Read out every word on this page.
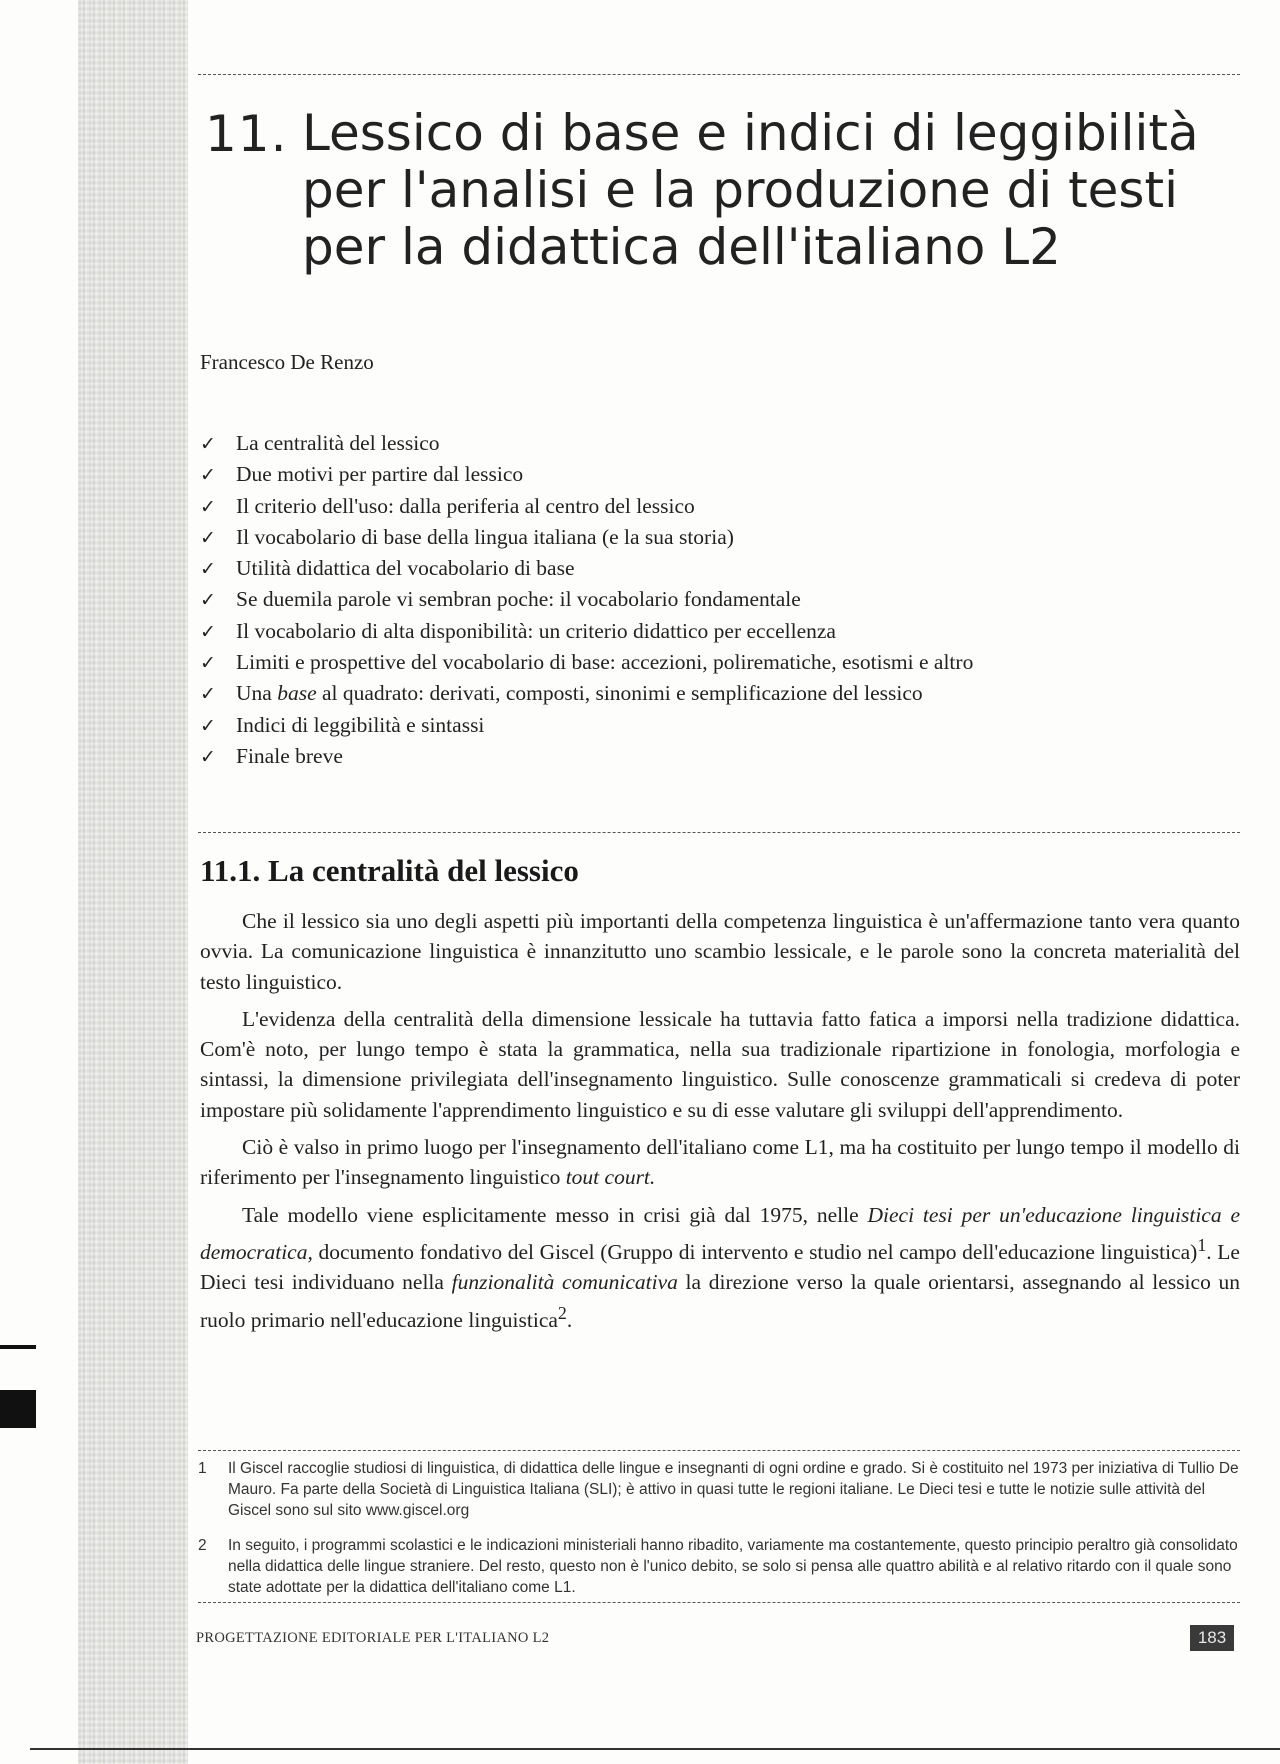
11. Lessico di base e indici di leggibilità
per l'analisi e la produzione di testi
per la didattica dell'italiano L2
Francesco De Renzo
✓ La centralità del lessico
✓ Due motivi per partire dal lessico
✓ Il criterio dell'uso: dalla periferia al centro del lessico
✓ Il vocabolario di base della lingua italiana (e la sua storia)
✓ Utilità didattica del vocabolario di base
✓ Se duemila parole vi sembran poche: il vocabolario fondamentale
✓ Il vocabolario di alta disponibilità: un criterio didattico per eccellenza
✓ Limiti e prospettive del vocabolario di base: accezioni, polirematiche, esotismi e altro
✓ Una base al quadrato: derivati, composti, sinonimi e semplificazione del lessico
✓ Indici di leggibilità e sintassi
✓ Finale breve
11.1. La centralità del lessico

Che il lessico sia uno degli aspetti più importanti della competenza linguistica è un'affermazione tanto vera quanto ovvia. La comunicazione linguistica è innanzitutto uno scambio lessicale, e le parole sono la concreta materialità del testo linguistico.

L'evidenza della centralità della dimensione lessicale ha tuttavia fatto fatica a imporsi nella tradizione didattica. Com'è noto, per lungo tempo è stata la grammatica, nella sua tradizionale ripartizione in fonologia, morfologia e sintassi, la dimensione privilegiata dell'insegnamento linguistico. Sulle conoscenze grammaticali si credeva di poter impostare più solidamente l'apprendimento linguistico e su di esse valutare gli sviluppi dell'apprendimento.

Ciò è valso in primo luogo per l'insegnamento dell'italiano come L1, ma ha costituito per lungo tempo il modello di riferimento per l'insegnamento linguistico tout court.

Tale modello viene esplicitamente messo in crisi già dal 1975, nelle Dieci tesi per un'educazione linguistica e democratica, documento fondativo del Giscel (Gruppo di intervento e studio nel campo dell'educazione linguistica)$^1$. Le Dieci tesi individuano nella funzionalità comunicativa la direzione verso la quale orientarsi, assegnando al lessico un ruolo primario nell'educazione linguistica$^2$.

1	Il Giscel raccoglie studiosi di linguistica, di didattica delle lingue e insegnanti di ogni ordine e grado. Si è costituito nel 1973 per iniziativa di Tullio De Mauro. Fa parte della Società di Linguistica Italiana (SLI); è attivo in quasi tutte le regioni italiane. Le Dieci tesi e tutte le notizie sulle attività del Giscel sono sul sito www.giscel.org
2	In seguito, i programmi scolastici e le indicazioni ministeriali hanno ribadito, variamente ma costantemente, questo principio peraltro già consolidato nella didattica delle lingue straniere. Del resto, questo non è l'unico debito, se solo si pensa alle quattro abilità e al relativo ritardo con il quale sono state adottate per la didattica dell'italiano come L1.
PROGETTAZIONE EDITORIALE PER L'ITALIANO L2	183
